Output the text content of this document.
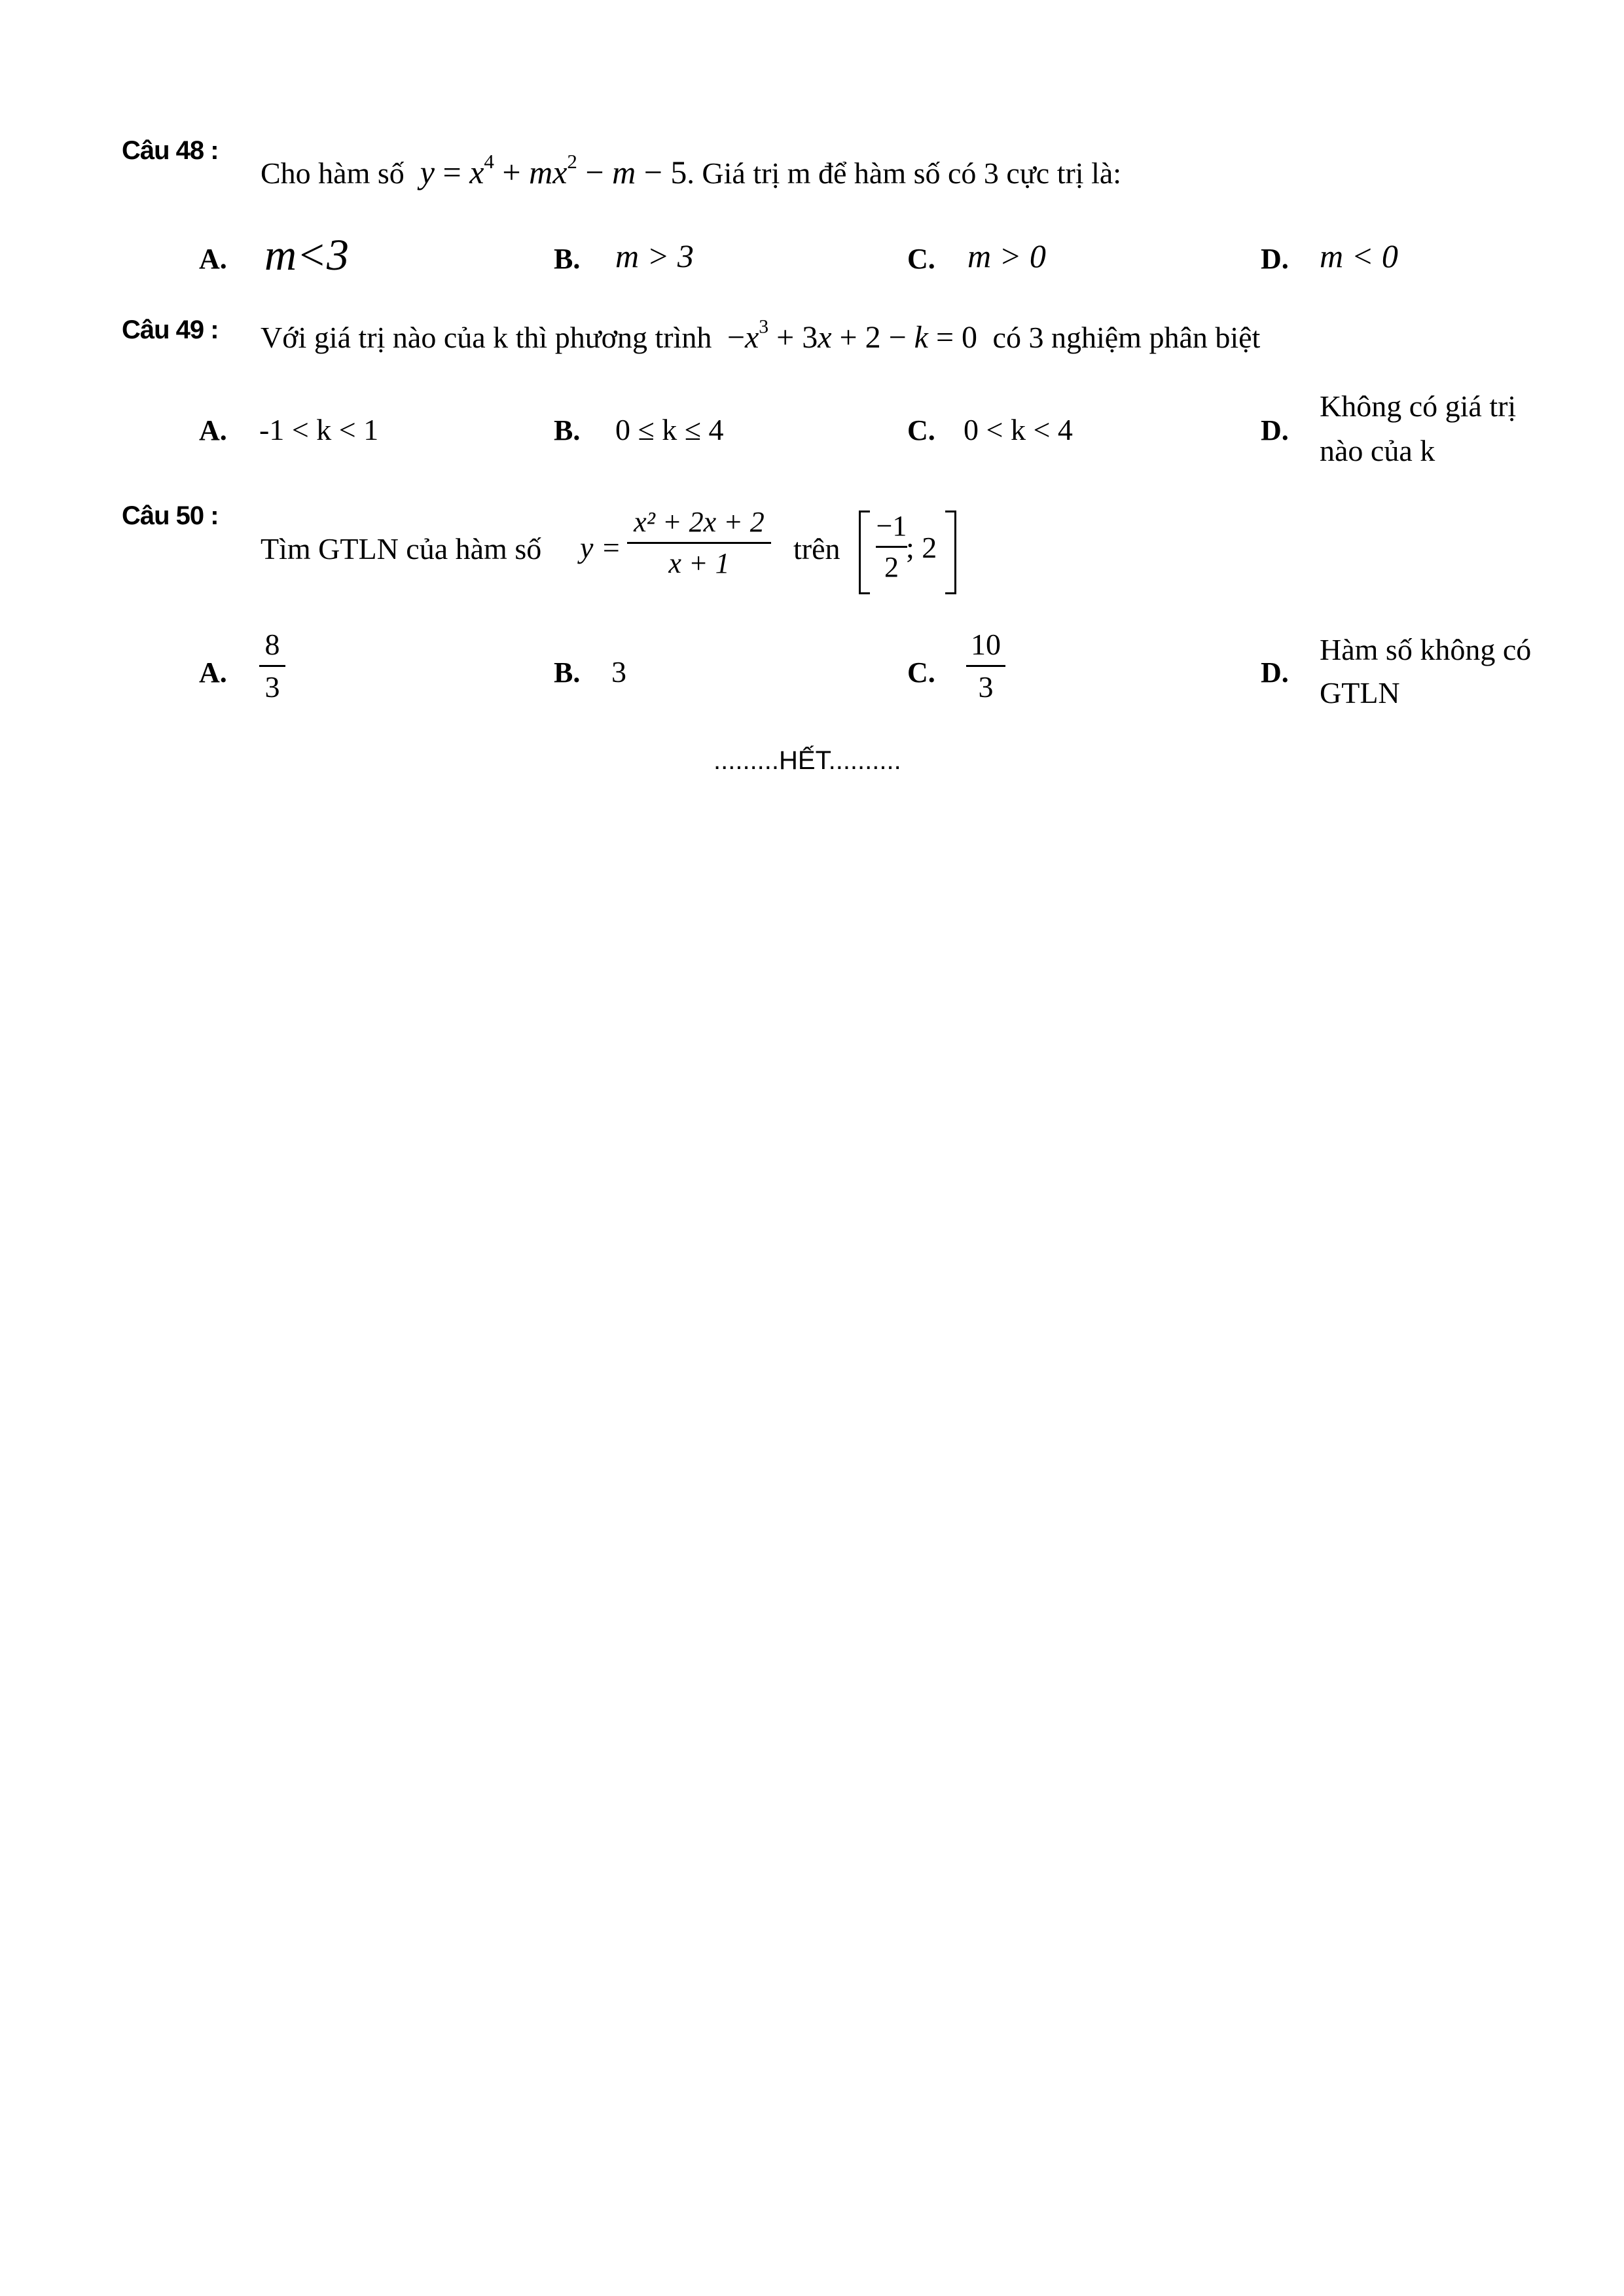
Câu 48 :
Cho hàm số $y = x^4 + mx^2 - m - 5$. Giá trị m để hàm số có 3 cực trị là:
A. m<3	B. m > 3	C. m > 0	D. m < 0
Câu 49 : Với giá trị nào của k thì phương trình  $-x^3 + 3x + 2 - k = 0$  có 3 nghiệm phân biệt
A. -1 < k < 1	B. 0 ≤ k ≤ 4	C. 0 < k < 4	D.
Không có giá trị
nào của k
Câu 50 :
Tìm GTLN của hàm số y =
x² + 2x + 2
x + 1	trên
−1
2
; 2
A.
8
3	B. 3	C.
10
3	D.
Hàm số không có
GTLN
.........HẾT..........
